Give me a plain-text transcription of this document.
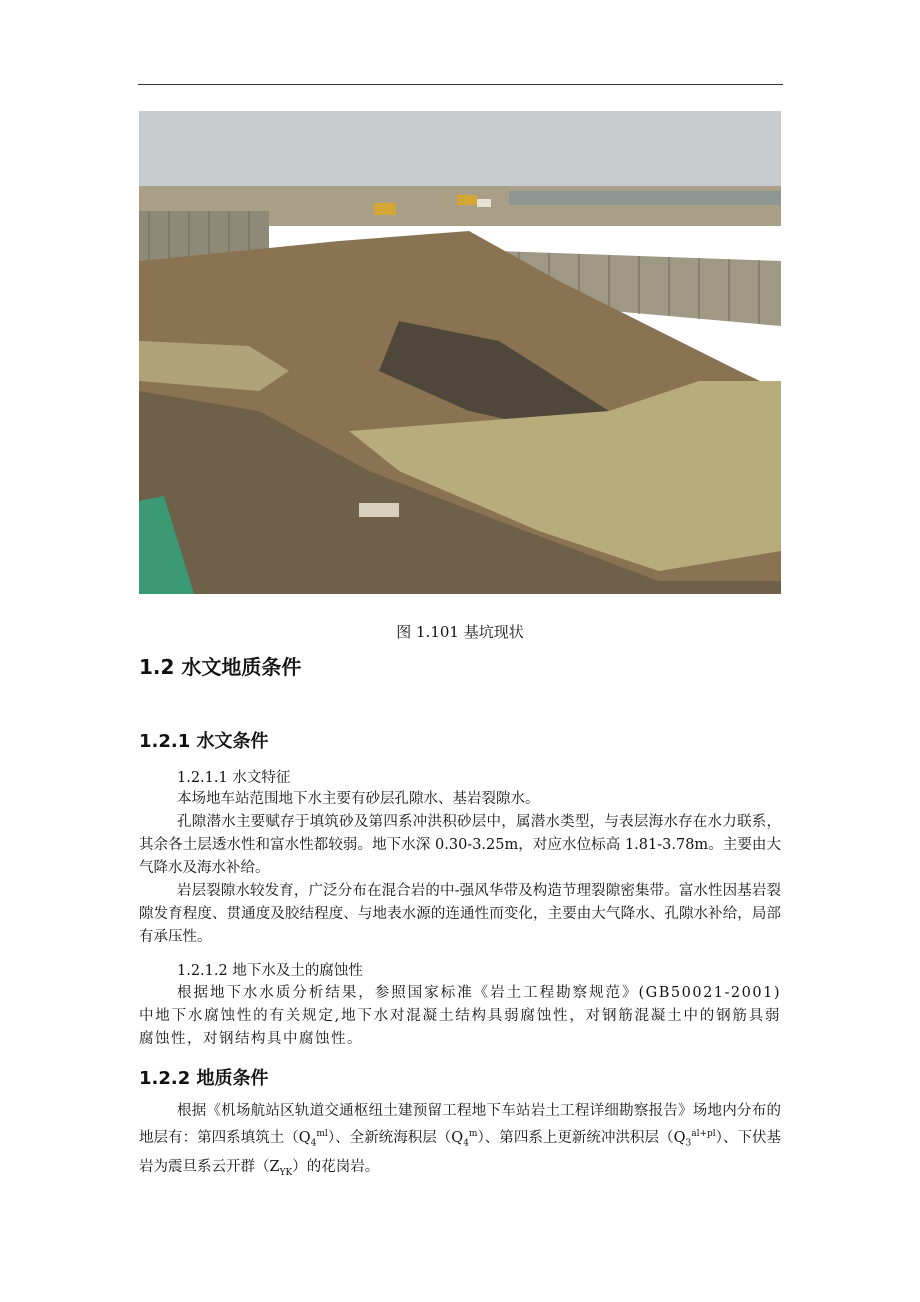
图 1.101 基坑现状
1.2 水文地质条件
1.2.1 水文条件
1.2.1.1 水文特征

本场地车站范围地下水主要有砂层孔隙水、基岩裂隙水。

孔隙潜水主要赋存于填筑砂及第四系冲洪积砂层中，属潜水类型，与表层海水存在水力联系，其余各土层透水性和富水性都较弱。地下水深 0.30-3.25m，对应水位标高 1.81-3.78m。主要由大气降水及海水补给。

岩层裂隙水较发育，广泛分布在混合岩的中-强风华带及构造节理裂隙密集带。富水性因基岩裂隙发育程度、贯通度及胶结程度、与地表水源的连通性而变化，主要由大气降水、孔隙水补给，局部有承压性。

1.2.1.2 地下水及土的腐蚀性

根据地下水水质分析结果，参照国家标准《岩土工程勘察规范》(GB50021-2001)中地下水腐蚀性的有关规定,地下水对混凝土结构具弱腐蚀性，对钢筋混凝土中的钢筋具弱腐蚀性，对钢结构具中腐蚀性。

1.2.2 地质条件

根据《机场航站区轨道交通枢纽土建预留工程地下车站岩土工程详细勘察报告》场地内分布的地层有：第四系填筑土$(Q_4^{ml})$、全新统海积层$(Q_4^m)$、第四系上更新统冲洪积层$(Q_3^{al+pl})$、下伏基岩为震旦系云开群$(Z_{YK})$的花岗岩。
